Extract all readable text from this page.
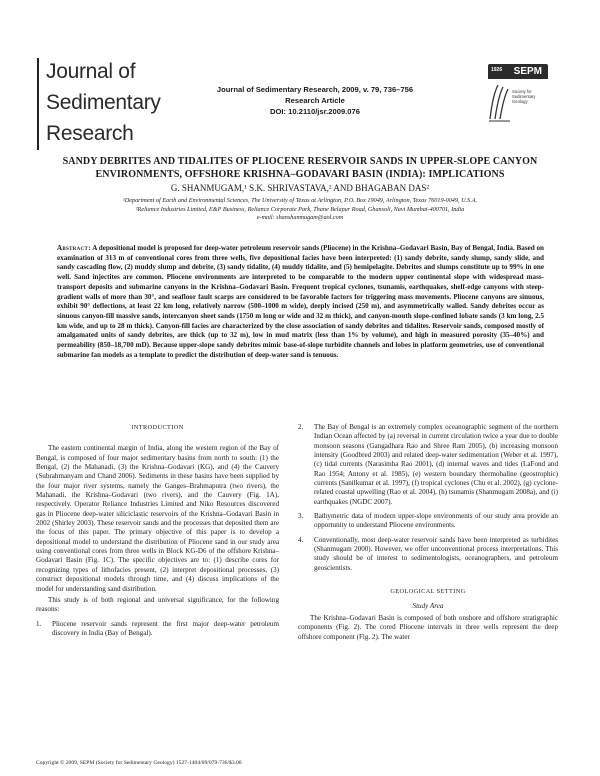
Journal of
Sedimentary
Research
Journal of Sedimentary Research, 2009, v. 79, 736–756
Research Article
DOI: 10.2110/jsr.2009.076
1926 SEPM
Society for Sedimentary Geology
SANDY DEBRITES AND TIDALITES OF PLIOCENE RESERVOIR SANDS IN UPPER-SLOPE CANYON
ENVIRONMENTS, OFFSHORE KRISHNA–GODAVARI BASIN (INDIA): IMPLICATIONS
G. SHANMUGAM,¹ S.K. SHRIVASTAVA,² AND BHAGABAN DAS²
¹Department of Earth and Environmental Sciences, The University of Texas at Arlington, P.O. Box 19049, Arlington, Texas 76019-0049, U.S.A.
²Reliance Industries Limited, E&P Business, Reliance Corporate Park, Thane Belapur Road, Ghansoli, Navi Mumbai-400701, India
e-mail: shanshanmugam@aol.com
Abstract: A depositional model is proposed for deep-water petroleum reservoir sands (Pliocene) in the Krishna–Godavari Basin, Bay of Bengal, India. Based on examination of 313 m of conventional cores from three wells, five depositional facies have been interpreted: (1) sandy debrite, sandy slump, sandy slide, and sandy cascading flow, (2) muddy slump and debrite, (3) sandy tidalite, (4) muddy tidalite, and (5) hemipelagite. Debrites and slumps constitute up to 99% in one well. Sand injectites are common. Pliocene environments are interpreted to be comparable to the modern upper continental slope with widespread mass-transport deposits and submarine canyons in the Krishna–Godavari Basin. Frequent tropical cyclones, tsunamis, earthquakes, shelf-edge canyons with steep-gradient walls of more than 30°, and seafloor fault scarps are considered to be favorable factors for triggering mass movements. Pliocene canyons are sinuous, exhibit 90° deflections, at least 22 km long, relatively narrow (500–1000 m wide), deeply incised (250 m), and asymmetrically walled. Sandy debrites occur as sinuous canyon-fill massive sands, intercanyon sheet sands (1750 m long or wide and 32 m thick), and canyon-mouth slope-confined lobate sands (3 km long, 2.5 km wide, and up to 28 m thick). Canyon-fill facies are characterized by the close association of sandy debrites and tidalites. Reservoir sands, composed mostly of amalgamated units of sandy debrites, are thick (up to 32 m), low in mud matrix (less than 1% by volume), and high in measured porosity (35–40%) and permeability (850–18,700 mD). Because upper-slope sandy debrites mimic base-of-slope turbidite channels and lobes in platform geometries, use of conventional submarine fan models as a template to predict the distribution of deep-water sand is tenuous.
INTRODUCTION

The eastern continental margin of India, along the western region of the Bay of Bengal, is composed of four major sedimentary basins from north to south: (1) the Bengal, (2) the Mahanadi, (3) the Krishna–Godavari (KG), and (4) the Cauvery (Subrahmanyam and Chand 2006). Sediments in these basins have been supplied by the four major river systems, namely the Ganges–Brahmaputra (two rivers), the Mahanadi, the Krishna–Godavari (two rivers), and the Cauvery (Fig. 1A), respectively. Operator Reliance Industries Limited and Niko Resources discovered gas in Pliocene deep-water siliciclastic reservoirs of the Krishna–Godavari Basin in 2002 (Shirley 2003). These reservoir sands and the processes that deposited them are the focus of this paper. The primary objective of this paper is to develop a depositional model to understand the distribution of Pliocene sand in our study area using conventional cores from three wells in Block KG-D6 of the offshore Krishna–Godavari Basin (Fig. 1C). The specific objectives are to: (1) describe cores for recognizing types of lithofacies present, (2) interpret depositional processes, (3) construct depositional models through time, and (4) discuss implications of the model for understanding sand distribution.

This study is of both regional and universal significance, for the following reasons:

1.	Pliocene reservoir sands represent the first major deep-water petroleum discovery in India (Bay of Bengal).
2.	The Bay of Bengal is an extremely complex oceanographic segment of the northern Indian Ocean affected by (a) reversal in current circulation twice a year due to double monsoon seasons (Gangadhara Rao and Shree Ram 2005), (b) increasing monsoon intensity (Goodbred 2003) and related deep-water sedimentation (Weber et al. 1997), (c) tidal currents (Narasimha Rao 2001), (d) internal waves and tides (LaFond and Rao 1954; Antony et al. 1985), (e) western boundary thermohaline (geostrophic) currents (Sanilkumar et al. 1997), (f) tropical cyclones (Chu et al. 2002), (g) cyclone-related coastal upwelling (Rao et al. 2004), (h) tsunamis (Shanmugam 2008a), and (i) earthquakes (NGDC 2007).
3.	Bathymetric data of modern upper-slope environments of our study area provide an opportunity to understand Pliocene environments.
4.	Conventionally, most deep-water reservoir sands have been interpreted as turbidites (Shanmugam 2000). However, we offer unconventional process interpretations. This study should be of interest to sedimentologists, oceanographers, and petroleum geoscientists.
GEOLOGICAL SETTING
Study Area

The Krishna–Godavari Basin is composed of both onshore and offshore stratigraphic components (Fig. 2). The cored Pliocene intervals in three wells represent the deep offshore component (Fig. 2). The water

Copyright © 2009, SEPM (Society for Sedimentary Geology) 1527-1404/09/079-736/$3.00
